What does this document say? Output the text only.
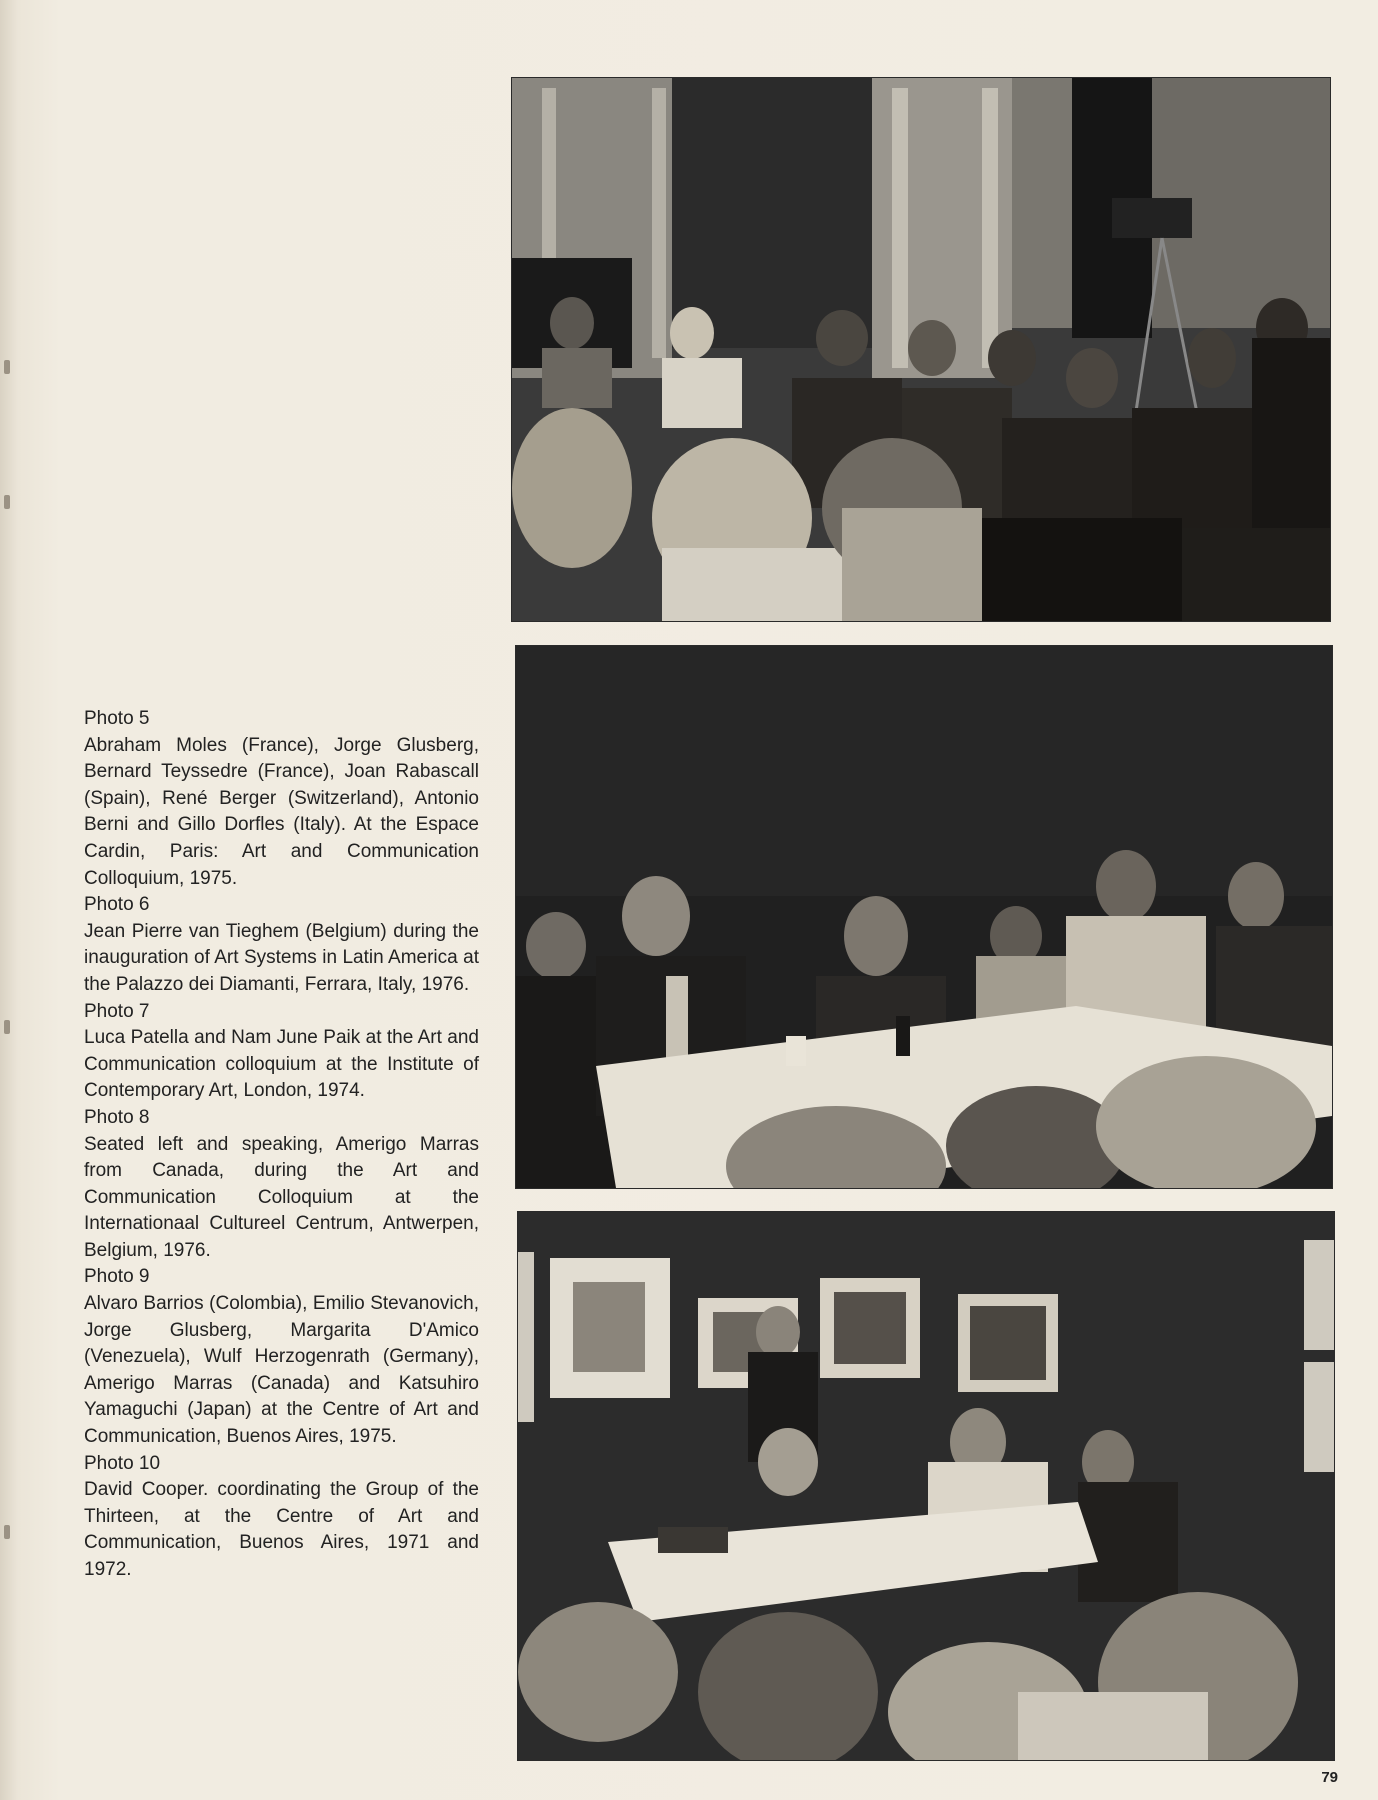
Photo 5
Abraham Moles (France), Jorge Glusberg, Bernard Teyssedre (France), Joan Rabascall (Spain), René Berger (Switzerland), Antonio Berni and Gillo Dorfles (Italy). At the Espace Cardin, Paris: Art and Communication Colloquium, 1975.
Photo 6
Jean Pierre van Tieghem (Belgium) during the inauguration of Art Systems in Latin America at the Palazzo dei Diamanti, Ferrara, Italy, 1976.
Photo 7
Luca Patella and Nam June Paik at the Art and Communication colloquium at the Institute of Contemporary Art, London, 1974.
Photo 8
Seated left and speaking, Amerigo Marras from Canada, during the Art and Communication Colloquium at the Internationaal Cultureel Centrum, Antwerpen, Belgium, 1976.
Photo 9
Alvaro Barrios (Colombia), Emilio Stevanovich, Jorge Glusberg, Margarita D'Amico (Venezuela), Wulf Herzogenrath (Germany), Amerigo Marras (Canada) and Katsuhiro Yamaguchi (Japan) at the Centre of Art and Communication, Buenos Aires, 1975.
Photo 10
David Cooper. coordinating the Group of the Thirteen, at the Centre of Art and Communication, Buenos Aires, 1971 and 1972.
79
